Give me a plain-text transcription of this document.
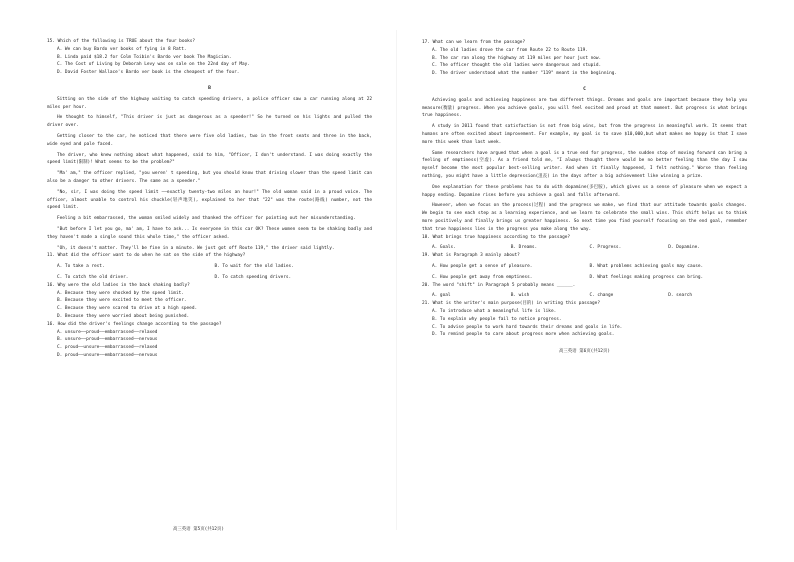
15. Which of the following is TRUE about the four books?
A. We can buy Bardo ver books of fying in 8 Ratt.
B. Linda paid $18.2 for Colm Toibin's Bardo ver book The Magician.
C. The Cost of Living by Deborah Levy was on sale on the 22nd day of May.
D. David Foster Wallace's Bardo ver book is the cheapest of the four.
B

Sitting on the side of the highway waiting to catch speeding drivers, a police officer saw a car running along at 22 miles per hour.

He thought to himself, "This driver is just as dangerous as a speeder!" So he turned on his lights and pulled the driver over.

Getting closer to the car, he noticed that there were five old ladies, two in the front seats and three in the back, wide eyed and pale faced.

The driver, who knew nothing about what happened, said to him, "Officer, I don't understand. I was doing exactly the speed limit(限制)! What seems to be the problem?"

"Ma' am," the officer replied, "you weren' t speeding, but you should know that driving slower than the speed limit can also be a danger to other drivers. The same as a speeder."

"No, sir, I was doing the speed limit ——exactly twenty-two miles an hour!" The old woman said in a proud voice. The officer, almost unable to control his chuckle(轻声地笑), explained to her that "22" was the route(路线) number, not the speed limit.

Feeling a bit embarrassed, the woman smiled widely and thanked the officer for pointing out her misunderstanding.

"But before I let you go, ma' am, I have to ask... Is everyone in this car OK? These women seem to be shaking badly and they haven't made a single sound this whole time," the officer asked.

"Oh, it doesn't matter. They'll be fine in a minute. We just got off Route 119," the driver said lightly.

11. What did the officer want to do when he sat on the side of the highway?
A. To take a rest.	B. To wait for the old ladies.
C. To catch the old driver.	D. To catch speeding drivers.
16. Why were the old ladies in the back shaking badly?
A. Because they were shocked by the speed limit.
B. Because they were excited to meet the officer.
C. Because they were scared to drive at a high speed.
D. Because they were worried about being punished.
16. How did the driver's feelings change according to the passage?
A. unsure——proud——embarrassed——relaxed
B. unsure——proud——embarrassed——nervous
C. proud——unsure——embarrassed——relaxed
D. proud——unsure——embarrassed——nervous
高三英语 第5页(共12页)
17. What can we learn from the passage?
A. The old ladies drove the car from Route 22 to Route 119.
B. The car ran along the highway at 119 miles per hour just now.
C. The officer thought the old ladies were dangerous and stupid.
D. The driver understood what the number "119" meant in the beginning.
C

Achieving goals and achieving happiness are two different things. Dreams and goals are important because they help you measure(衡量) progress. When you achieve goals, you will feel excited and proud at that moment. But progress is what brings true happiness.

A study in 2011 found that satisfaction is not from big wins, but from the progress in meaningful work. It seems that humans are often excited about improvement. For example, my goal is to save $10,000,but what makes me happy is that I save more this week than last week.

Some researchers have argued that when a goal is a true end for progress, the sudden stop of moving forward can bring a feeling of emptiness(空虚). As a friend told me, "I always thought there would be no better feeling than the day I saw myself become the most popular best-selling writer. And when it finally happened, I felt nothing." Worse than feeling nothing, you might have a little depression(沮丧) in the days after a big achievement like winning a prize.

One explanation for these problems has to do with dopamine(多巴胺), which gives us a sense of pleasure when we expect a happy ending. Dopamine rises before you achieve a goal and falls afterward.

However, when we focus on the process(过程) and the progress we make, we find that our attitude towards goals changes. We begin to see each step as a learning experience, and we learn to celebrate the small wins. This shift helps us to think more positively and finally brings us greater happiness. So next time you find yourself focusing on the end goal, remember that true happiness lies in the progress you make along the way.

18. What brings true happiness according to the passage?
A. Goals.	B. Dreams.	C. Progress.	D. Dopamine.
19. What is Paragraph 3 mainly about?
A. How people get a sense of pleasure.	B. What problems achieving goals may cause.
C. How people get away from emptiness.	D. What feelings making progress can bring.
20. The word "shift" in Paragraph 5 probably means ______.
A. goal	B. wish	C. change	D. search
21. What is the writer's main purpose(目的) in writing this passage?
A. To introduce what a meaningful life is like.
B. To explain why people fail to notice progress.
C. To advise people to work hard towards their dreams and goals in life.
D. To remind people to care about progress more when achieving goals.
高三英语 第6页(共12页)
